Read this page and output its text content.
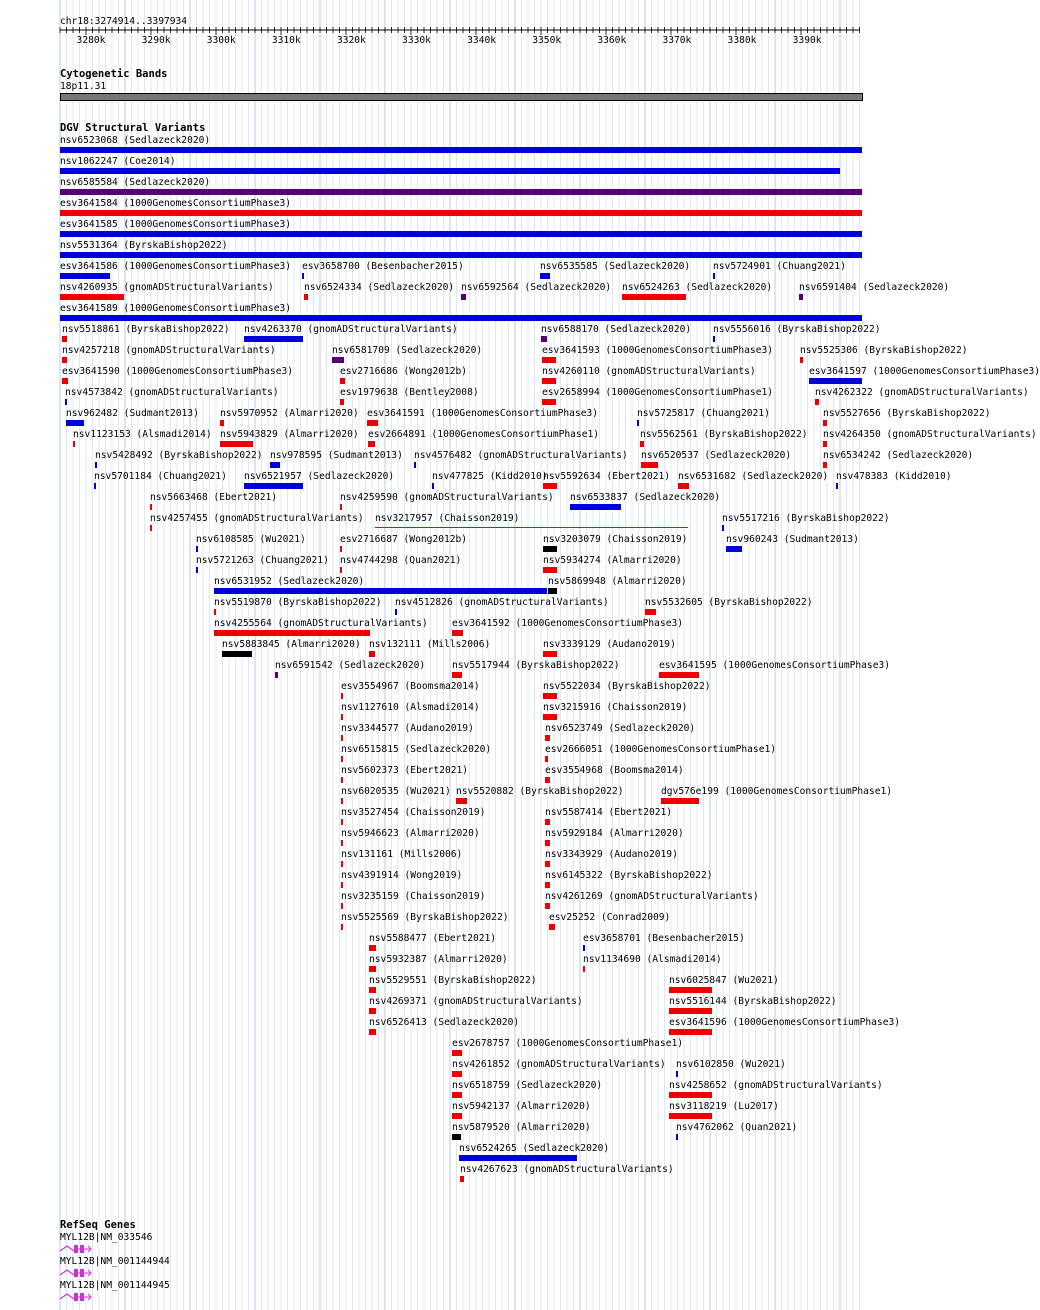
chr18:3274914..3397934
3280k	3290k	3300k	3310k	3320k	3330k	3340k	3350k	3360k	3370k	3380k	3390k
Cytogenetic Bands
18p11.31
DGV Structural Variants
nsv6523068 (Sedlazeck2020)
nsv1062247 (Coe2014)
nsv6585584 (Sedlazeck2020)
esv3641584 (1000GenomesConsortiumPhase3)
esv3641585 (1000GenomesConsortiumPhase3)
nsv5531364 (ByrskaBishop2022)
esv3641586 (1000GenomesConsortiumPhase3) esv3658700 (Besenbacher2015)	nsv6535585 (Sedlazeck2020) nsv5724901 (Chuang2021)
nsv4260935 (gnomADStructuralVariants)	nsv6524334 (Sedlazeck2020) nsv6592564 (Sedlazeck2020) nsv6524263 (Sedlazeck2020)	nsv6591404 (Sedlazeck2020)
esv3641589 (1000GenomesConsortiumPhase3)
nsv5518861 (ByrskaBishop2022) nsv4263370 (gnomADStructuralVariants)	nsv6588170 (Sedlazeck2020) nsv5556016 (ByrskaBishop2022)
nsv4257218 (gnomADStructuralVariants)	nsv6581709 (Sedlazeck2020)	esv3641593 (1000GenomesConsortiumPhase3)	nsv5525306 (ByrskaBishop2022)
esv3641590 (1000GenomesConsortiumPhase3)	esv2716686 (Wong2012b)	nsv4260110 (gnomADStructuralVariants)	esv3641597 (1000GenomesConsortiumPhase3)
nsv4573842 (gnomADStructuralVariants)	esv1979638 (Bentley2008)	esv2658994 (1000GenomesConsortiumPhase1)	nsv4262322 (gnomADStructuralVariants)
nsv962482 (Sudmant2013) nsv5970952 (Almarri2020) esv3641591 (1000GenomesConsortiumPhase3)	nsv5725817 (Chuang2021)	nsv5527656 (ByrskaBishop2022)
nsv1123153 (Alsmadi2014) nsv5943829 (Almarri2020) esv2664891 (1000GenomesConsortiumPhase1)	nsv5562561 (ByrskaBishop2022) nsv4264350 (gnomADStructuralVariants)
nsv5428492 (ByrskaBishop2022) nsv978595 (Sudmant2013) nsv4576482 (gnomADStructuralVariants) nsv6520537 (Sedlazeck2020)	nsv6534242 (Sedlazeck2020)
nsv5701184 (Chuang2021) nsv6521957 (Sedlazeck2020)	nsv477825 (Kidd2010)
nsv5592634 (Ebert2021) nsv6531682 (Sedlazeck2020) nsv478383 (Kidd2010)
nsv5663468 (Ebert2021)	nsv4259590 (gnomADStructuralVariants) nsv6533837 (Sedlazeck2020)
nsv4257455 (gnomADStructuralVariants) nsv3217957 (Chaisson2019)	nsv5517216 (ByrskaBishop2022)
nsv6108585 (Wu2021)	esv2716687 (Wong2012b)	nsv3203079 (Chaisson2019)	nsv960243 (Sudmant2013)
nsv5721263 (Chuang2021) nsv4744298 (Quan2021)	nsv5934274 (Almarri2020)
nsv6531952 (Sedlazeck2020)	nsv5869948 (Almarri2020)
nsv5519870 (ByrskaBishop2022) nsv4512826 (gnomADStructuralVariants)	nsv5532605 (ByrskaBishop2022)
nsv4255564 (gnomADStructuralVariants)	esv3641592 (1000GenomesConsortiumPhase3)
nsv5883845 (Almarri2020) nsv132111 (Mills2006)	nsv3339129 (Audano2019)
nsv6591542 (Sedlazeck2020)	nsv5517944 (ByrskaBishop2022)	esv3641595 (1000GenomesConsortiumPhase3)
esv3554967 (Boomsma2014)	nsv5522034 (ByrskaBishop2022)
nsv1127610 (Alsmadi2014)	nsv3215916 (Chaisson2019)
nsv3344577 (Audano2019)	nsv6523749 (Sedlazeck2020)
nsv6515815 (Sedlazeck2020)	esv2666051 (1000GenomesConsortiumPhase1)
nsv5602373 (Ebert2021)	esv3554968 (Boomsma2014)
nsv6020535 (Wu2021) nsv5520882 (ByrskaBishop2022)	dgv576e199 (1000GenomesConsortiumPhase1)
nsv3527454 (Chaisson2019)	nsv5587414 (Ebert2021)
nsv5946623 (Almarri2020)	nsv5929184 (Almarri2020)
nsv131161 (Mills2006)	nsv3343929 (Audano2019)
nsv4391914 (Wong2019)	nsv6145322 (ByrskaBishop2022)
nsv3235159 (Chaisson2019)	nsv4261269 (gnomADStructuralVariants)
nsv5525569 (ByrskaBishop2022)	esv25252 (Conrad2009)
nsv5588477 (Ebert2021)	esv3658701 (Besenbacher2015)
nsv5932387 (Almarri2020)	nsv1134690 (Alsmadi2014)
nsv5529551 (ByrskaBishop2022)	nsv6025847 (Wu2021)
nsv4269371 (gnomADStructuralVariants)	nsv5516144 (ByrskaBishop2022)
nsv6526413 (Sedlazeck2020)	esv3641596 (1000GenomesConsortiumPhase3)
esv2678757 (1000GenomesConsortiumPhase1)
nsv4261852 (gnomADStructuralVariants) nsv6102850 (Wu2021)
nsv6518759 (Sedlazeck2020)	nsv4258652 (gnomADStructuralVariants)
nsv5942137 (Almarri2020)	nsv3118219 (Lu2017)
nsv5879520 (Almarri2020)	nsv4762062 (Quan2021)
nsv6524265 (Sedlazeck2020)
nsv4267623 (gnomADStructuralVariants)
RefSeq Genes
MYL12B|NM_033546
MYL12B|NM_001144944
MYL12B|NM_001144945
